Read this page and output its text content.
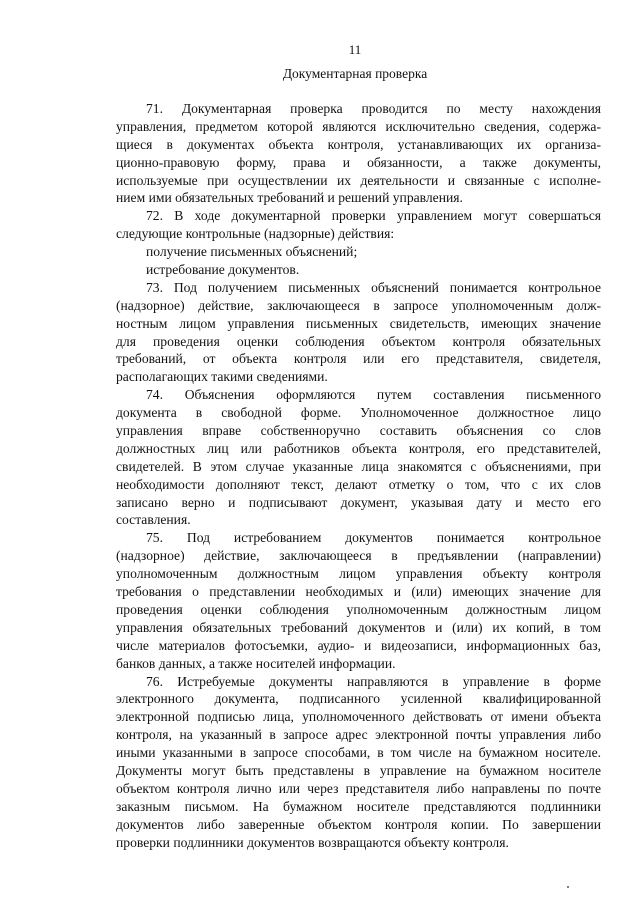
11
Документарная проверка
71. Документарная проверка проводится по месту нахождения
управления, предметом которой являются исключительно сведения, содержа-
щиеся в документах объекта контроля, устанавливающих их организа-
ционно-правовую форму, права и обязанности, а также документы,
используемые при осуществлении их деятельности и связанные с исполне-
нием ими обязательных требований и решений управления.
72. В ходе документарной проверки управлением могут совершаться
следующие контрольные (надзорные) действия:
получение письменных объяснений;
истребование документов.
73. Под получением письменных объяснений понимается контрольное
(надзорное) действие, заключающееся в запросе уполномоченным долж-
ностным лицом управления письменных свидетельств, имеющих значение
для проведения оценки соблюдения объектом контроля обязательных
требований, от объекта контроля или его представителя, свидетеля,
располагающих такими сведениями.
74. Объяснения оформляются путем составления письменного
документа в свободной форме. Уполномоченное должностное лицо
управления вправе собственноручно составить объяснения со слов
должностных лиц или работников объекта контроля, его представителей,
свидетелей. В этом случае указанные лица знакомятся с объяснениями, при
необходимости дополняют текст, делают отметку о том, что с их слов
записано верно и подписывают документ, указывая дату и место его
составления.
75. Под истребованием документов понимается контрольное
(надзорное) действие, заключающееся в предъявлении (направлении)
уполномоченным должностным лицом управления объекту контроля
требования о представлении необходимых и (или) имеющих значение для
проведения оценки соблюдения уполномоченным должностным лицом
управления обязательных требований документов и (или) их копий, в том
числе материалов фотосъемки, аудио- и видеозаписи, информационных баз,
банков данных, а также носителей информации.
76. Истребуемые документы направляются в управление в форме
электронного документа, подписанного усиленной квалифицированной
электронной подписью лица, уполномоченного действовать от имени объекта
контроля, на указанный в запросе адрес электронной почты управления либо
иными указанными в запросе способами, в том числе на бумажном носителе.
Документы могут быть представлены в управление на бумажном носителе
объектом контроля лично или через представителя либо направлены по почте
заказным письмом. На бумажном носителе представляются подлинники
документов либо заверенные объектом контроля копии. По завершении
проверки подлинники документов возвращаются объекту контроля.
